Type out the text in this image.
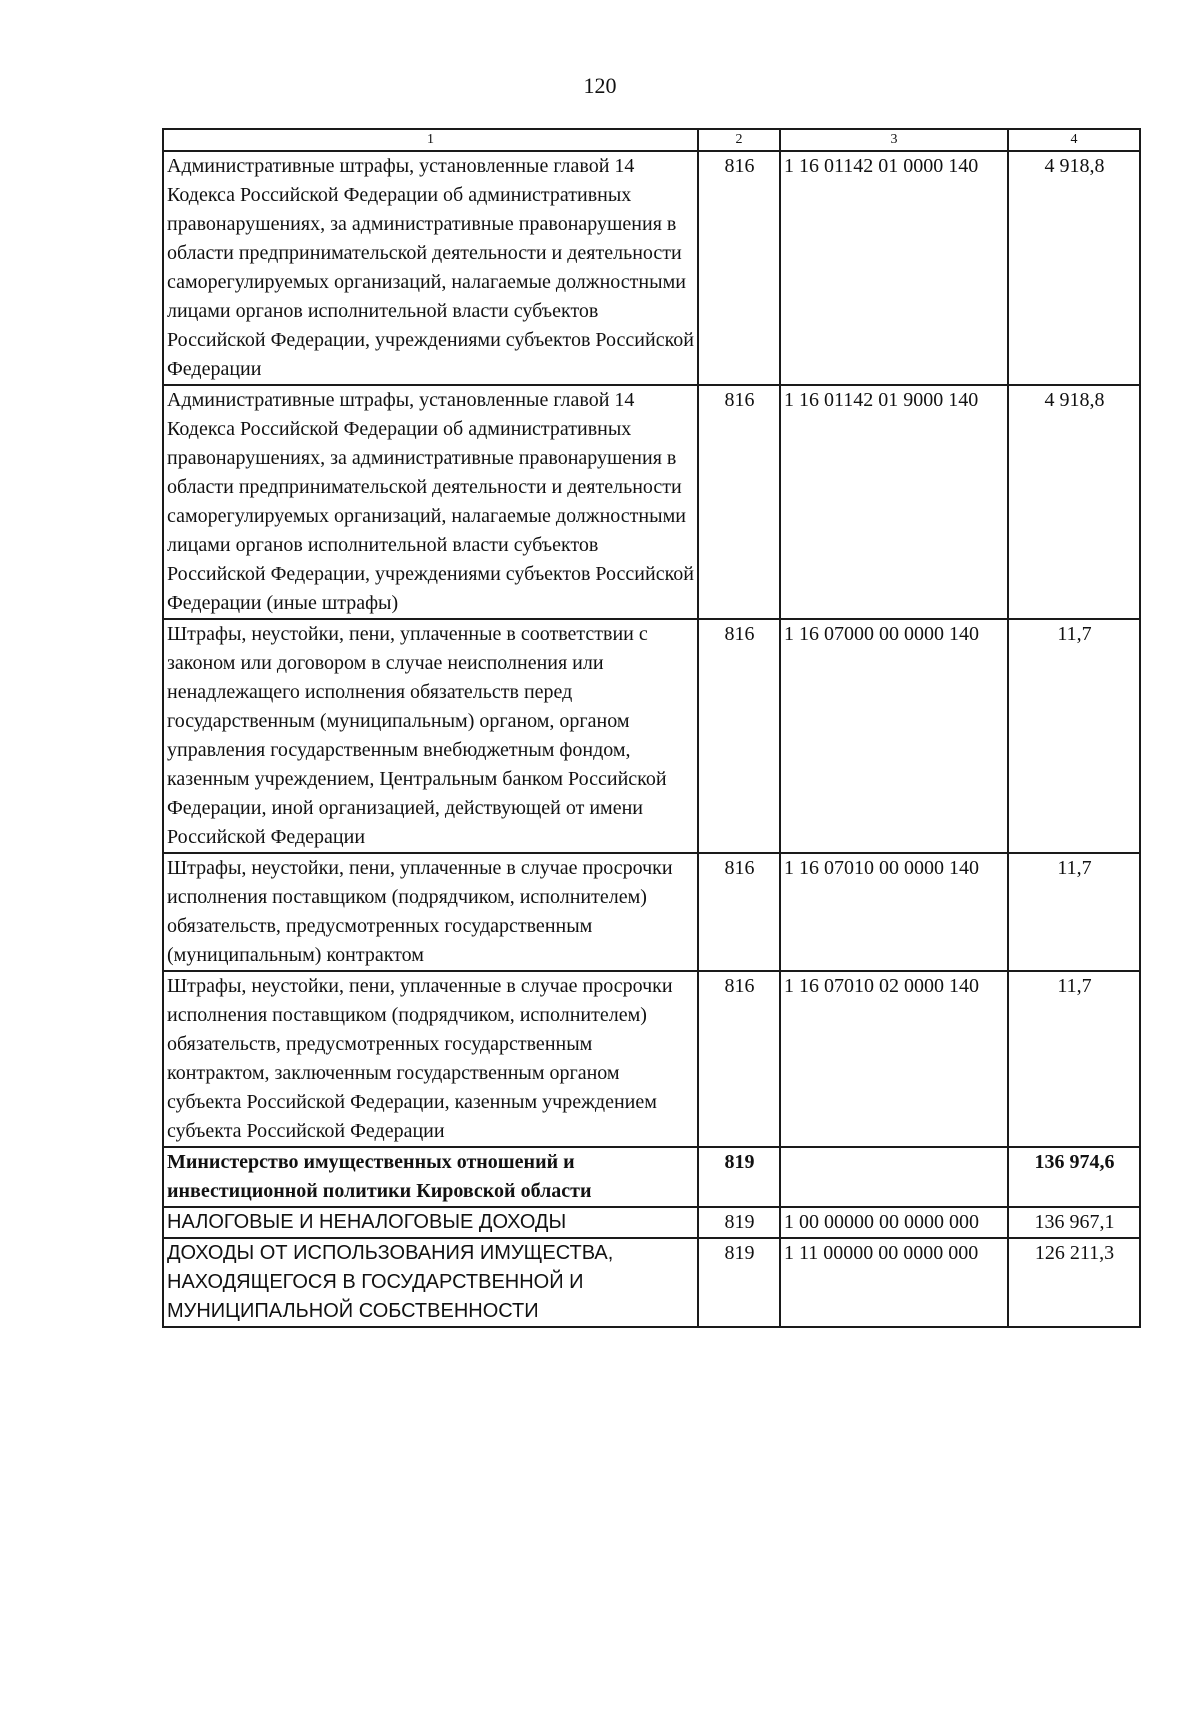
120
1	2	3	4
Административные штрафы, установленные главой 14 Кодекса Российской Федерации об административных правонарушениях, за административные правонарушения в области предпринимательской деятельности и деятельности саморегулируемых организаций, налагаемые должностными лицами органов исполнительной власти субъектов Российской Федерации, учреждениями субъектов Российской Федерации	816	1 16 01142 01 0000 140	4 918,8
Административные штрафы, установленные главой 14 Кодекса Российской Федерации об административных правонарушениях, за административные правонарушения в области предпринимательской деятельности и деятельности саморегулируемых организаций, налагаемые должностными лицами органов исполнительной власти субъектов Российской Федерации, учреждениями субъектов Российской Федерации (иные штрафы)	816	1 16 01142 01 9000 140	4 918,8
Штрафы, неустойки, пени, уплаченные в соответствии с законом или договором в случае неисполнения или ненадлежащего исполнения обязательств перед государственным (муниципальным) органом, органом управления государственным внебюджетным фондом, казенным учреждением, Центральным банком Российской Федерации, иной организацией, действующей от имени Российской Федерации	816	1 16 07000 00 0000 140	11,7
Штрафы, неустойки, пени, уплаченные в случае просрочки исполнения поставщиком (подрядчиком, исполнителем) обязательств, предусмотренных государственным (муниципальным) контрактом	816	1 16 07010 00 0000 140	11,7
Штрафы, неустойки, пени, уплаченные в случае просрочки исполнения поставщиком (подрядчиком, исполнителем) обязательств, предусмотренных государственным контрактом, заключенным государственным органом субъекта Российской Федерации, казенным учреждением субъекта Российской Федерации	816	1 16 07010 02 0000 140	11,7
Министерство имущественных отношений и инвестиционной политики Кировской области	819		136 974,6
НАЛОГОВЫЕ И НЕНАЛОГОВЫЕ ДОХОДЫ	819	1 00 00000 00 0000 000	136 967,1
ДОХОДЫ ОТ ИСПОЛЬЗОВАНИЯ ИМУЩЕСТВА, НАХОДЯЩЕГОСЯ В ГОСУДАРСТВЕННОЙ И МУНИЦИПАЛЬНОЙ СОБСТВЕННОСТИ	819	1 11 00000 00 0000 000	126 211,3
